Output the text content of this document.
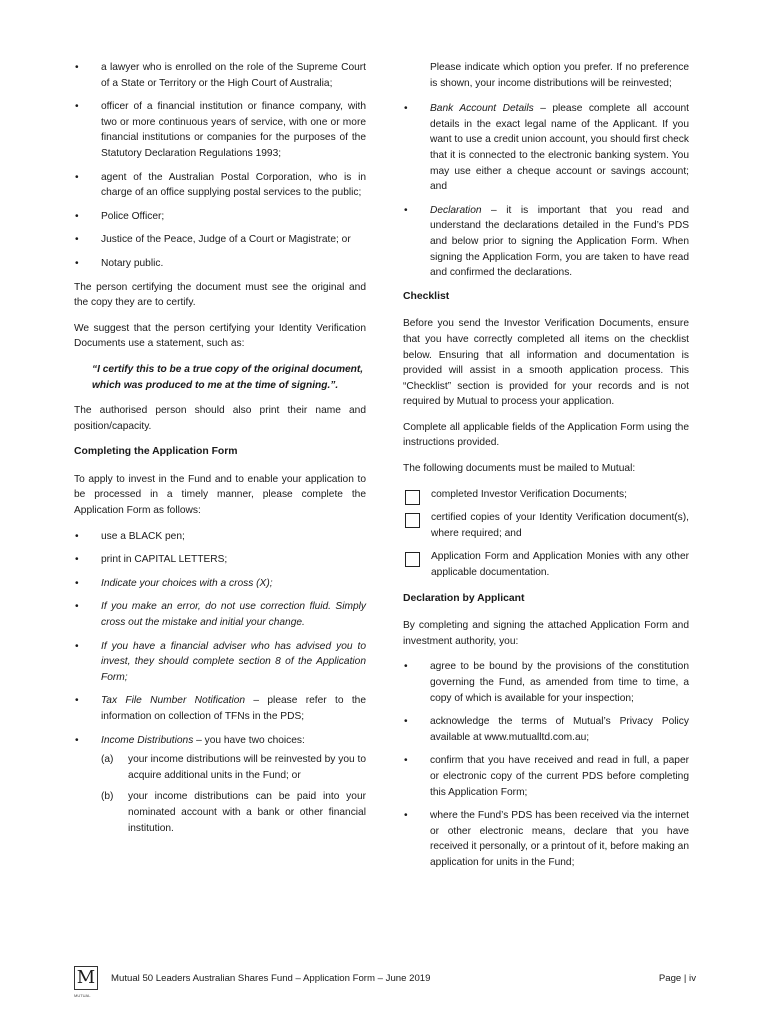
• a lawyer who is enrolled on the role of the Supreme Court of a State or Territory or the High Court of Australia;
• officer of a financial institution or finance company, with two or more continuous years of service, with one or more financial institutions or companies for the purposes of the Statutory Declaration Regulations 1993;
• agent of the Australian Postal Corporation, who is in charge of an office supplying postal services to the public;
• Police Officer;
• Justice of the Peace, Judge of a Court or Magistrate; or
• Notary public.

The person certifying the document must see the original and the copy they are to certify.

We suggest that the person certifying your Identity Verification Documents use a statement, such as:

“I certify this to be a true copy of the original document, which was produced to me at the time of signing.”.

The authorised person should also print their name and position/capacity.

Completing the Application Form

To apply to invest in the Fund and to enable your application to be processed in a timely manner, please complete the Application Form as follows:

• use a BLACK pen;
• print in CAPITAL LETTERS;
• Indicate your choices with a cross (X);
• If you make an error, do not use correction fluid. Simply cross out the mistake and initial your change.
• If you have a financial adviser who has advised you to invest, they should complete section 8 of the Application Form;
• Tax File Number Notification – please refer to the information on collection of TFNs in the PDS;
• Income Distributions – you have two choices:
(a) your income distributions will be reinvested by you to acquire additional units in the Fund; or
(b) your income distributions can be paid into your nominated account with a bank or other financial institution.

Please indicate which option you prefer. If no preference is shown, your income distributions will be reinvested;

• Bank Account Details – please complete all account details in the exact legal name of the Applicant. If you want to use a credit union account, you should first check that it is connected to the electronic banking system. You may use either a cheque account or savings account; and
• Declaration – it is important that you read and understand the declarations detailed in the Fund’s PDS and below prior to signing the Application Form. When signing the Application Form, you are taken to have read and confirmed the declarations.
Checklist

Before you send the Investor Verification Documents, ensure that you have correctly completed all items on the checklist below. Ensuring that all information and documentation is provided will assist in a smooth application process. This “Checklist” section is provided for your records and is not required by Mutual to process your application.

Complete all applicable fields of the Application Form using the instructions provided.

The following documents must be mailed to Mutual:

completed Investor Verification Documents;
certified copies of your Identity Verification document(s), where required; and
Application Form and Application Monies with any other applicable documentation.
Declaration by Applicant

By completing and signing the attached Application Form and investment authority, you:

• agree to be bound by the provisions of the constitution governing the Fund, as amended from time to time, a copy of which is available for your inspection;
• acknowledge the terms of Mutual’s Privacy Policy available at www.mutualltd.com.au;
• confirm that you have received and read in full, a paper or electronic copy of the current PDS before completing this Application Form;
• where the Fund’s PDS has been received via the internet or other electronic means, declare that you have received it personally, or a printout of it, before making an application for units in the Fund;
M
MUTUAL
Mutual 50 Leaders Australian Shares Fund – Application Form – June 2019	Page | iv
